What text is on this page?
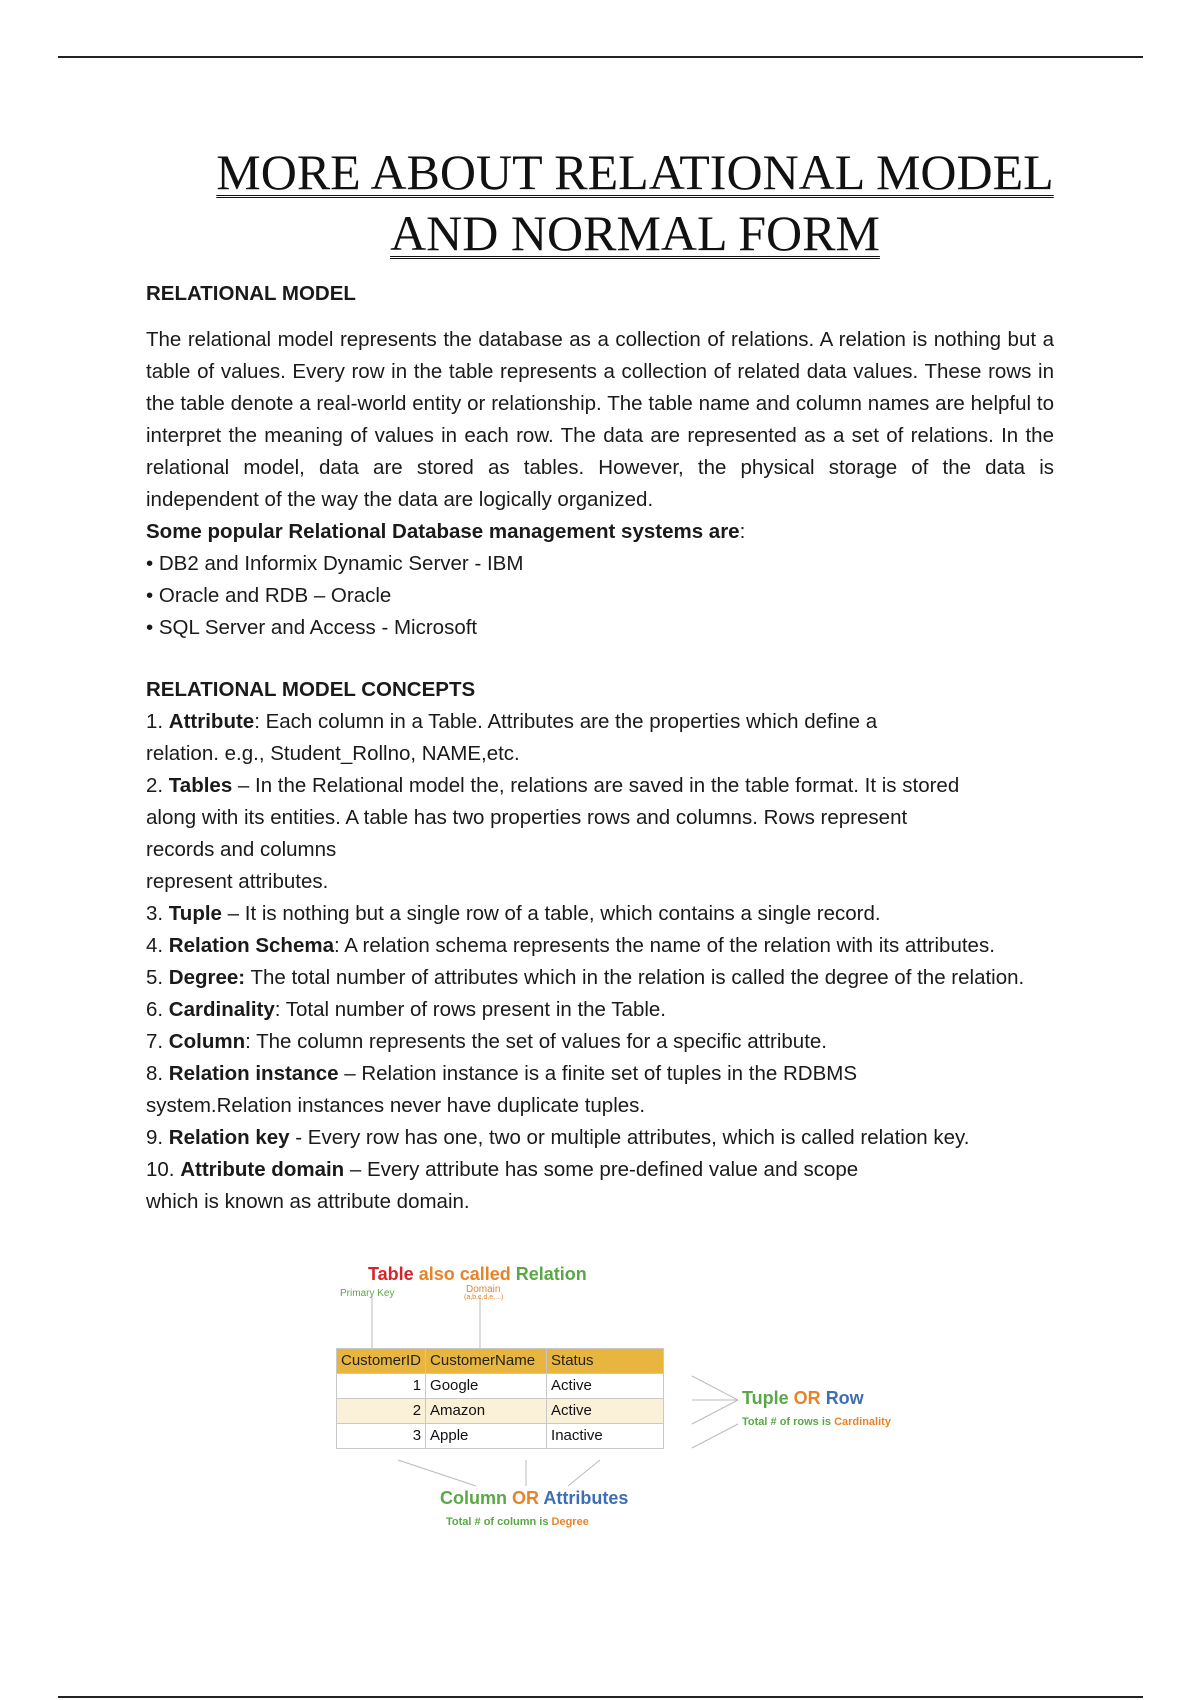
MORE ABOUT RELATIONAL MODEL
AND NORMAL FORM
RELATIONAL MODEL
The relational model represents the database as a collection of relations. A relation is nothing but a table of values. Every row in the table represents a collection of related data values. These rows in the table denote a real-world entity or relationship. The table name and column names are helpful to interpret the meaning of values in each row. The data are represented as a set of relations. In the relational model, data are stored as tables. However, the physical storage of the data is independent of the way the data are logically organized.
Some popular Relational Database management systems are:
• DB2 and Informix Dynamic Server - IBM
• Oracle and RDB – Oracle
• SQL Server and Access - Microsoft
RELATIONAL MODEL CONCEPTS
1. Attribute: Each column in a Table. Attributes are the properties which define a
relation. e.g., Student_Rollno, NAME,etc.
2. Tables – In the Relational model the, relations are saved in the table format. It is stored
along with its entities. A table has two properties rows and columns. Rows represent
records and columns
represent attributes.
3. Tuple – It is nothing but a single row of a table, which contains a single record.
4. Relation Schema: A relation schema represents the name of the relation with its attributes.
5. Degree: The total number of attributes which in the relation is called the degree of the relation.
6. Cardinality: Total number of rows present in the Table.
7. Column: The column represents the set of values for a specific attribute.
8. Relation instance – Relation instance is a finite set of tuples in the RDBMS
system.Relation instances never have duplicate tuples.
9. Relation key - Every row has one, two or multiple attributes, which is called relation key.
10. Attribute domain – Every attribute has some pre-defined value and scope
which is known as attribute domain.
Table also called Relation
Primary Key	Domain
(a,b,c,d,e,...)
CustomerID	CustomerName	Status
1	Google	Active
2	Amazon	Active
3	Apple	Inactive
Tuple OR Row
Total # of rows is Cardinality
Column OR Attributes
Total # of column is Degree
